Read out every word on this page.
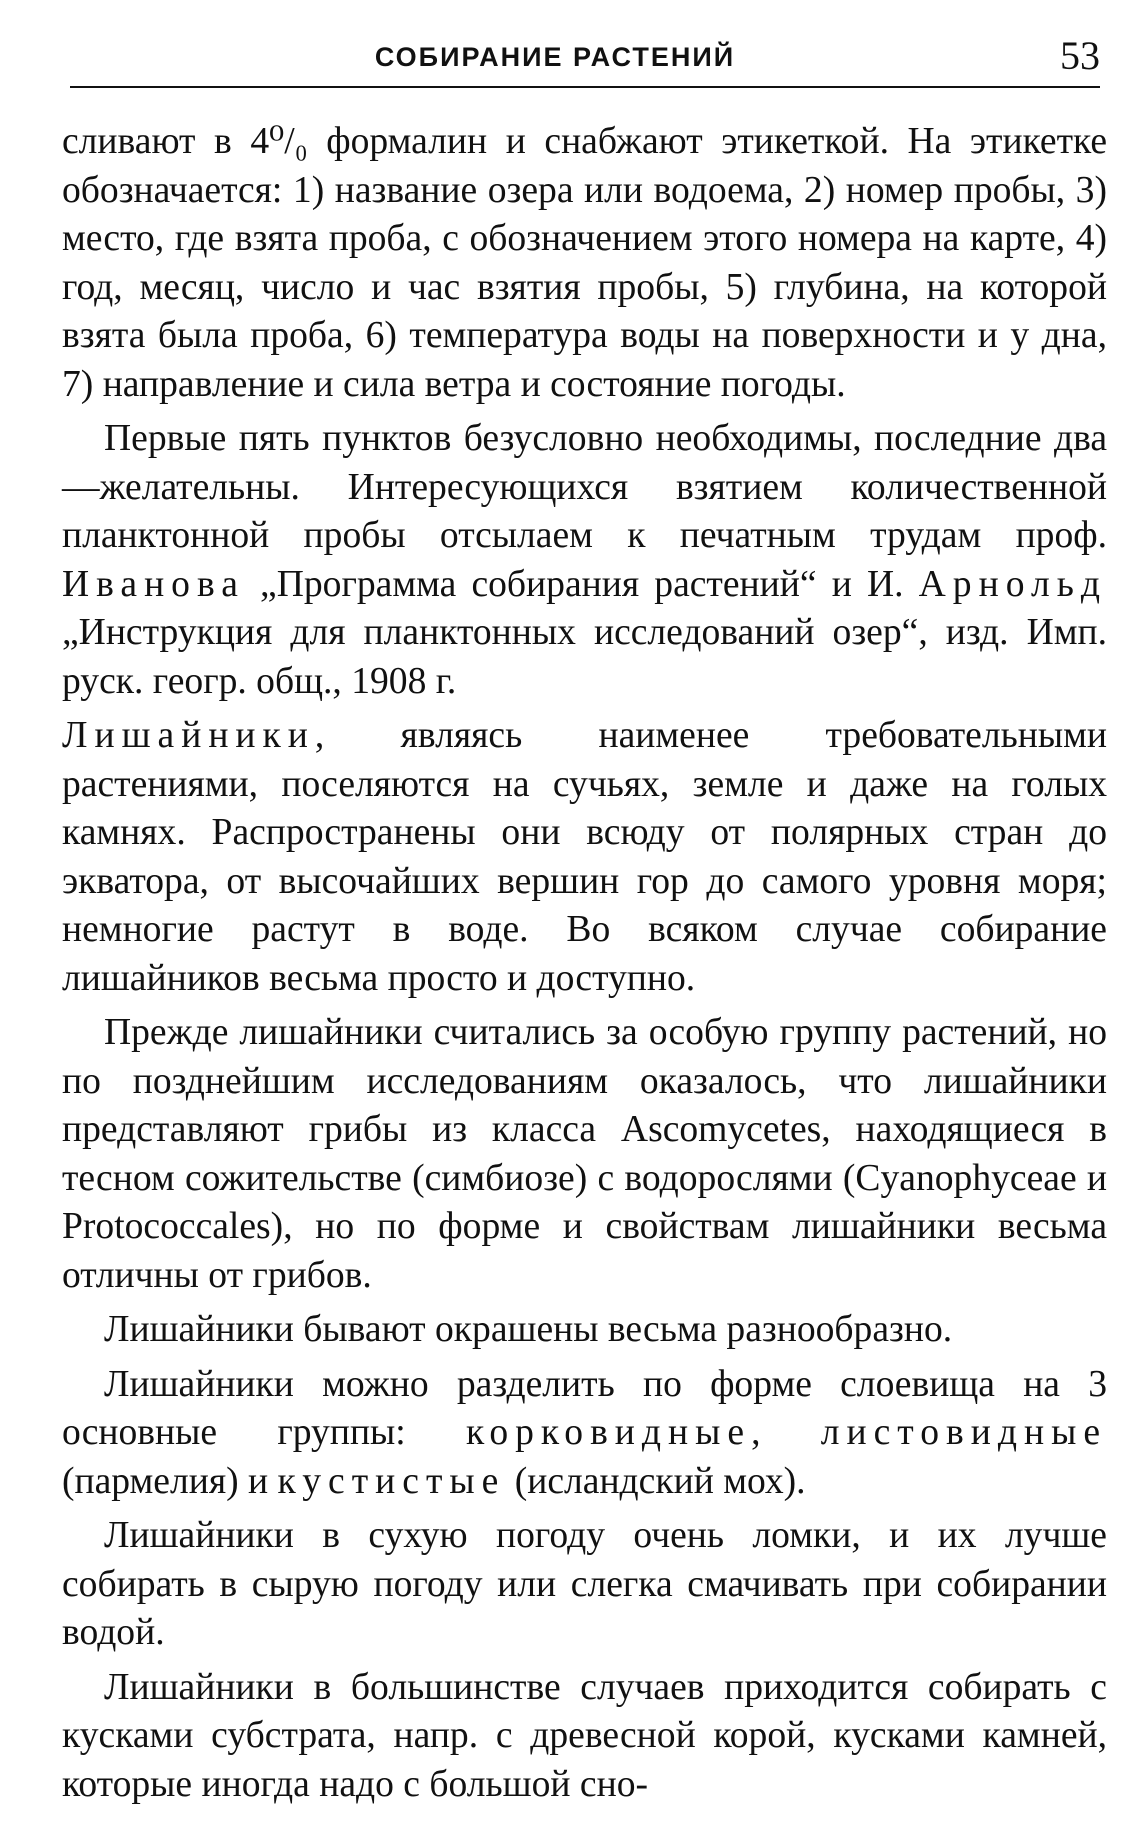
СОБИРАНИЕ РАСТЕНИЙ	53

сливают в 4⁰/₀ формалин и снабжают этикеткой. На этикетке обозначается: 1) название озера или водоема, 2) номер пробы, 3) место, где взята проба, с обозначением этого номера на карте, 4) год, месяц, число и час взятия пробы, 5) глубина, на которой взята была проба, 6) температура воды на поверхности и у дна, 7) направление и сила ветра и состояние погоды.

Первые пять пунктов безусловно необходимы, последние два—желательны. Интересующихся взятием количественной планктонной пробы отсылаем к печатным трудам проф. Иванова „Программа собирания растений“ и И. Арнольд „Инструкция для планктонных исследований озер“, изд. Имп. руск. геогр. общ., 1908 г.

Лишайники, являясь наименее требовательными растениями, поселяются на сучьях, земле и даже на голых камнях. Распространены они всюду от полярных стран до экватора, от высочайших вершин гор до самого уровня моря; немногие растут в воде. Во всяком случае собирание лишайников весьма просто и доступно.

Прежде лишайники считались за особую группу растений, но по позднейшим исследованиям оказалось, что лишайники представляют грибы из класса Ascomycetes, находящиеся в тесном сожительстве (симбиозе) с водорослями (Cyanophyceae и Protococcales), но по форме и свойствам лишайники весьма отличны от грибов.

Лишайники бывают окрашены весьма разнообразно.

Лишайники можно разделить по форме слоевища на 3 основные группы: корковидные, листовидные (пармелия) и кустистые (исландский мох).

Лишайники в сухую погоду очень ломки, и их лучше собирать в сырую погоду или слегка смачивать при собирании водой.

Лишайники в большинстве случаев приходится собирать с кусками субстрата, напр. с древесной корой, кусками камней, которые иногда надо с большой сно-
